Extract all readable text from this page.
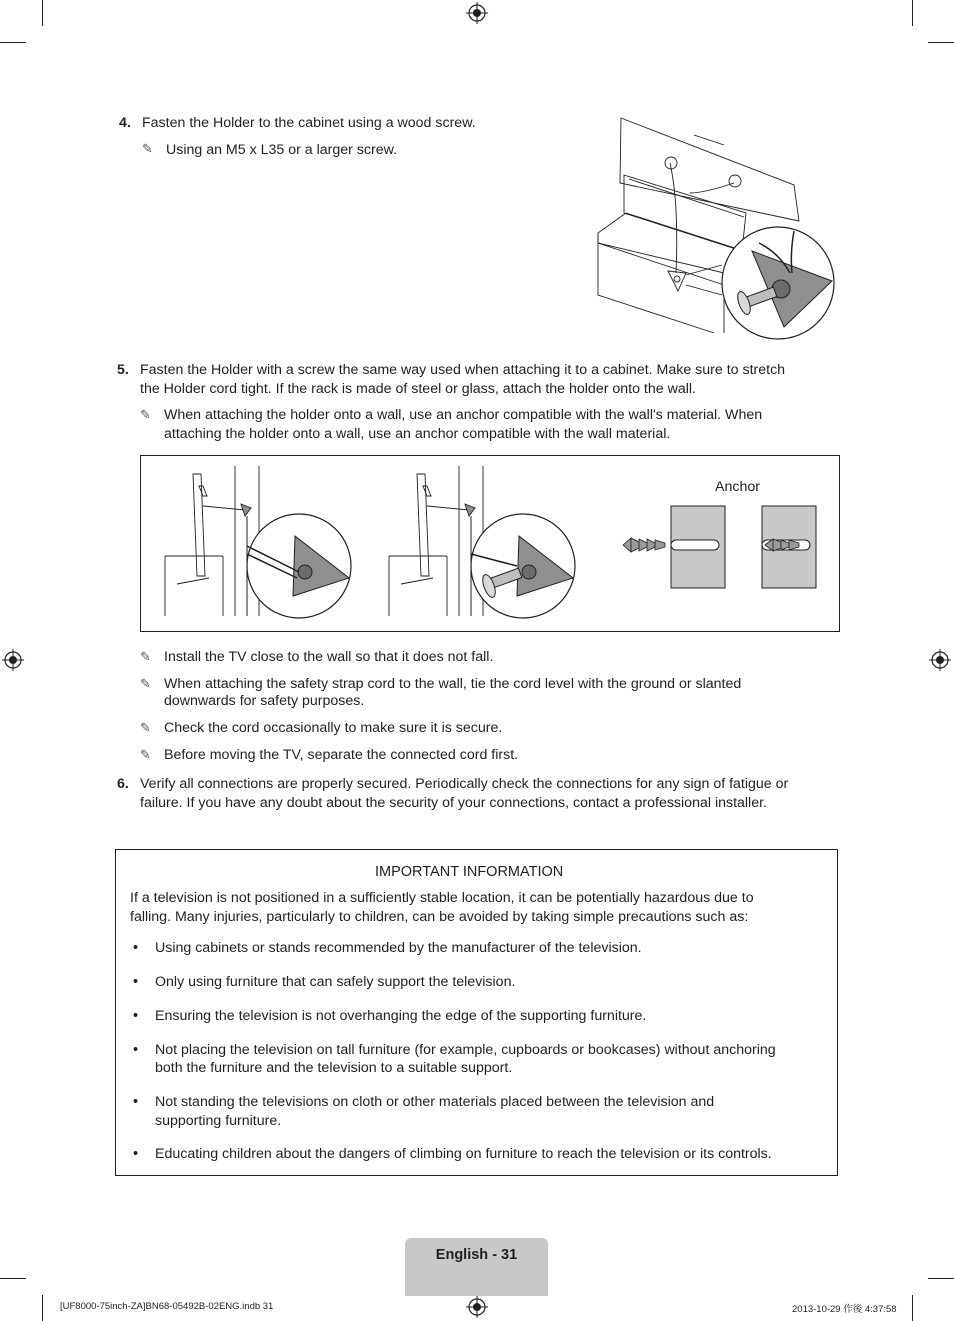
4. Fasten the Holder to the cabinet using a wood screw.
✎ Using an M5 x L35 or a larger screw.
5. Fasten the Holder with a screw the same way used when attaching it to a cabinet. Make sure to stretch
the Holder cord tight. If the rack is made of steel or glass, attach the holder onto the wall.
✎ When attaching the holder onto a wall, use an anchor compatible with the wall's material. When
attaching the holder onto a wall, use an anchor compatible with the wall material.
Anchor
✎ Install the TV close to the wall so that it does not fall.
✎ When attaching the safety strap cord to the wall, tie the cord level with the ground or slanted
downwards for safety purposes.
✎ Check the cord occasionally to make sure it is secure.
✎ Before moving the TV, separate the connected cord first.
6. Verify all connections are properly secured. Periodically check the connections for any sign of fatigue or
failure. If you have any doubt about the security of your connections, contact a professional installer.
IMPORTANT INFORMATION
If a television is not positioned in a sufficiently stable location, it can be potentially hazardous due to
falling. Many injuries, particularly to children, can be avoided by taking simple precautions such as:
• Using cabinets or stands recommended by the manufacturer of the television.
• Only using furniture that can safely support the television.
• Ensuring the television is not overhanging the edge of the supporting furniture.
• Not placing the television on tall furniture (for example, cupboards or bookcases) without anchoring
both the furniture and the television to a suitable support.
• Not standing the televisions on cloth or other materials placed between the television and
supporting furniture.
• Educating children about the dangers of climbing on furniture to reach the television or its controls.
English - 31
[UF8000-75inch-ZA]BN68-05492B-02ENG.indb 31	2013-10-29 作後 4:37:58
